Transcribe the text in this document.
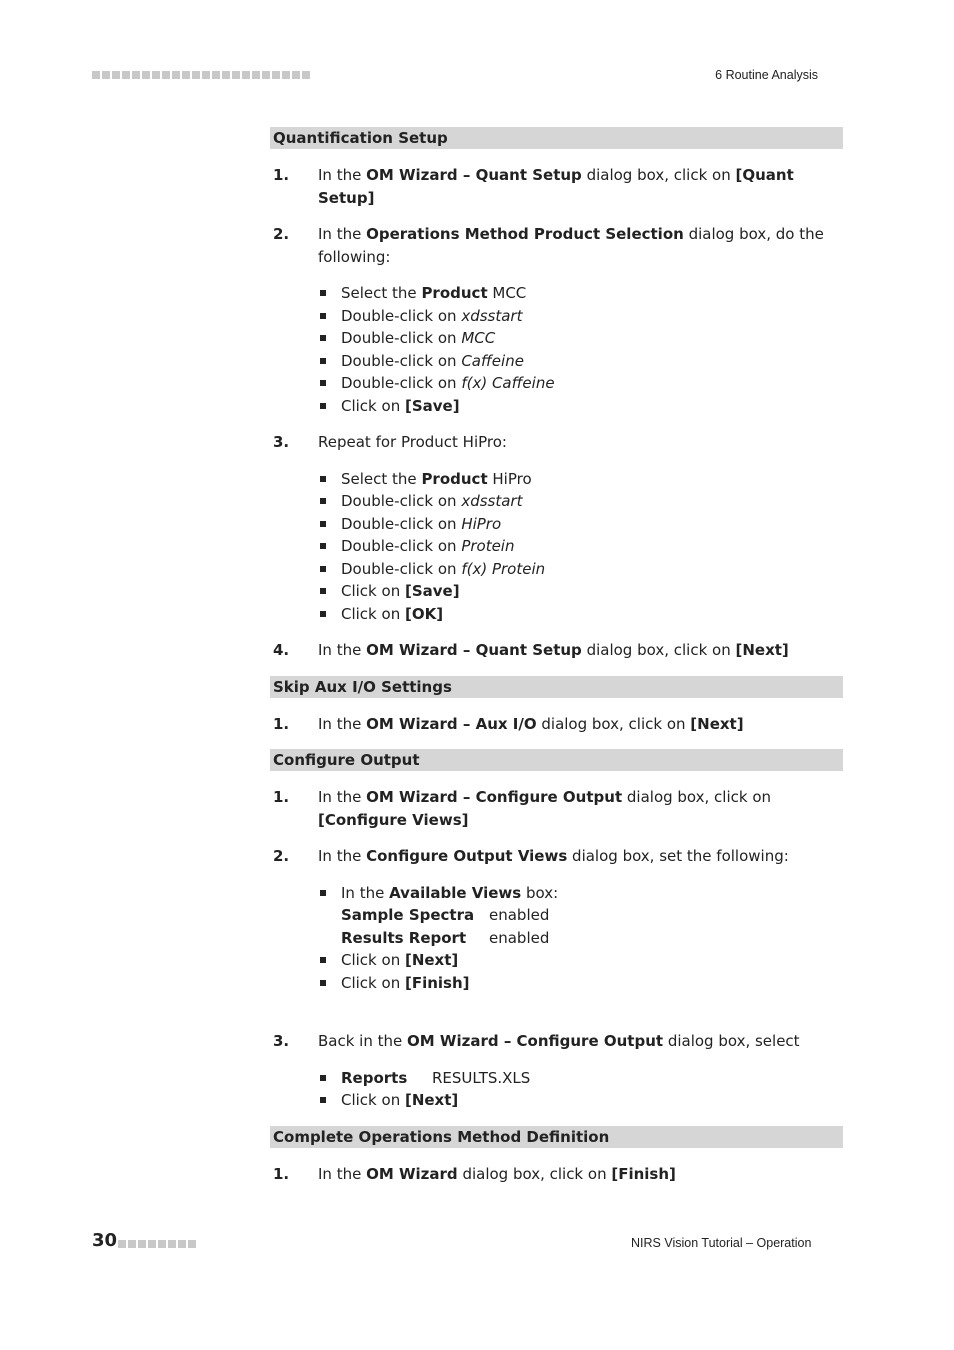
6 Routine Analysis
Quantification Setup
1. In the OM Wizard – Quant Setup dialog box, click on [Quant Setup]
2. In the Operations Method Product Selection dialog box, do the following:
Select the Product MCC
Double-click on xdsstart
Double-click on MCC
Double-click on Caffeine
Double-click on f(x) Caffeine
Click on [Save]
3. Repeat for Product HiPro:
Select the Product HiPro
Double-click on xdsstart
Double-click on HiPro
Double-click on Protein
Double-click on f(x) Protein
Click on [Save]
Click on [OK]
4. In the OM Wizard – Quant Setup dialog box, click on [Next]
Skip Aux I/O Settings
1. In the OM Wizard – Aux I/O dialog box, click on [Next]
Configure Output
1. In the OM Wizard – Configure Output dialog box, click on [Configure Views]
2. In the Configure Output Views dialog box, set the following:
In the Available Views box:
Sample Spectra enabled
Results Report enabled
Click on [Next]
Click on [Finish]
3. Back in the OM Wizard – Configure Output dialog box, select
Reports RESULTS.XLS
Click on [Next]
Complete Operations Method Definition
1. In the OM Wizard dialog box, click on [Finish]
30	NIRS Vision Tutorial – Operation
